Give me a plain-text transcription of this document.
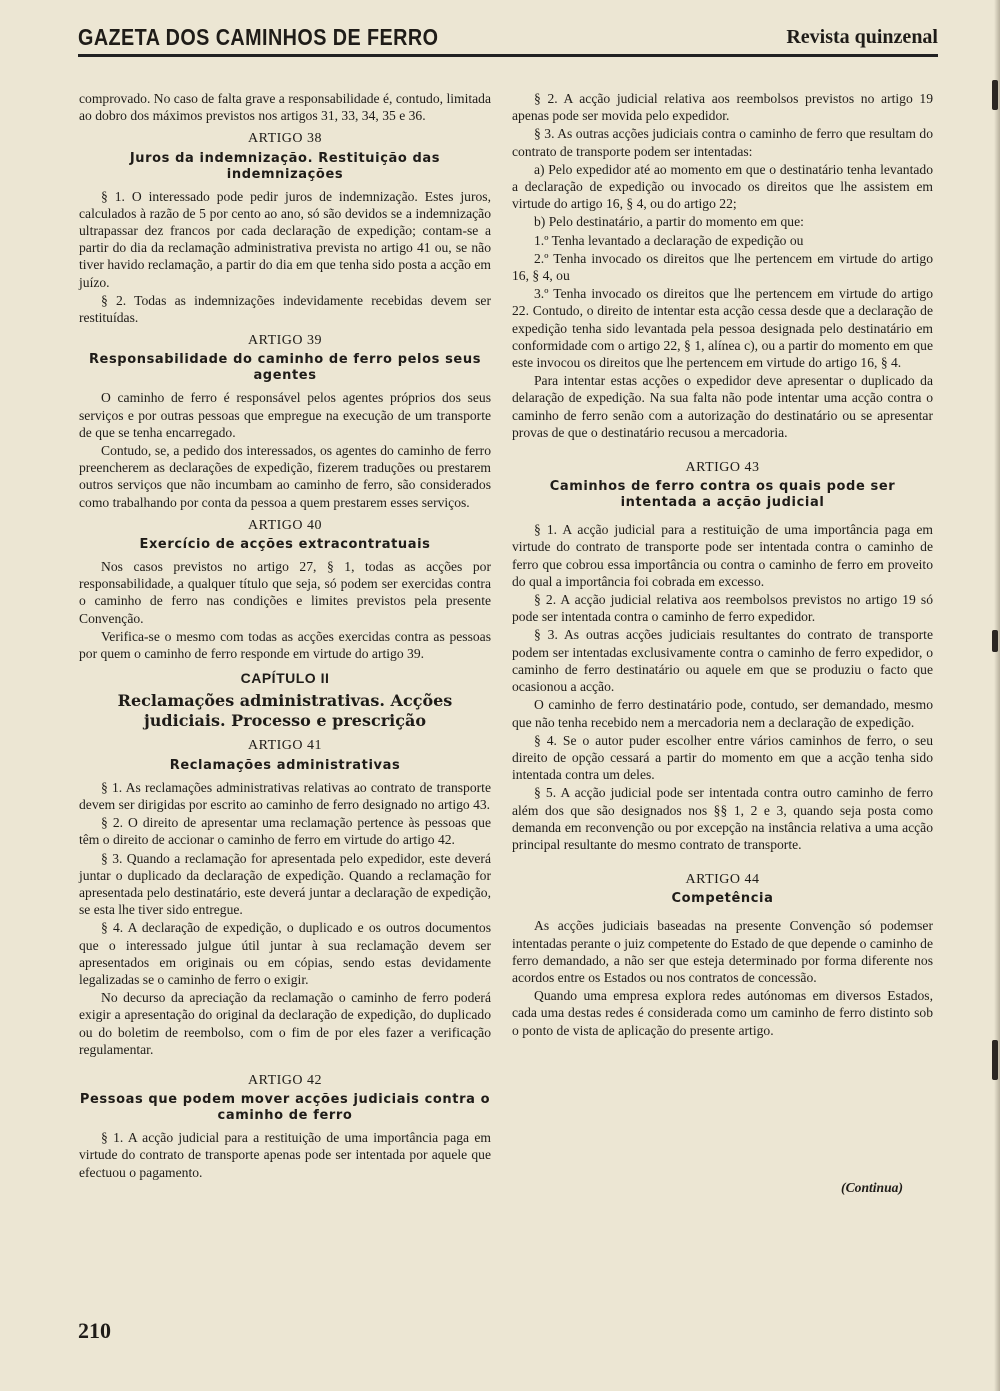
GAZETA DOS CAMINHOS DE FERRO	Revista quinzenal

comprovado. No caso de falta grave a responsabilidade é, contudo, limitada ao dobro dos máximos previstos nos artigos 31, 33, 34, 35 e 36.

ARTIGO 38
Juros da indemnização. Restituição das indemnizações

§ 1. O interessado pode pedir juros de indemnização. Estes juros, calculados à razão de 5 por cento ao ano, só são devidos se a indemnização ultrapassar dez francos por cada declaração de expedição; contam-se a partir do dia da reclamação administrativa prevista no artigo 41 ou, se não tiver havido reclamação, a partir do dia em que tenha sido posta a acção em juízo.

§ 2. Todas as indemnizações indevidamente recebidas devem ser restituídas.

ARTIGO 39
Responsabilidade do caminho de ferro pelos seus agentes

O caminho de ferro é responsável pelos agentes próprios dos seus serviços e por outras pessoas que empregue na execução de um transporte de que se tenha encarregado.

Contudo, se, a pedido dos interessados, os agentes do caminho de ferro preencherem as declarações de expedição, fizerem traduções ou prestarem outros serviços que não incumbam ao caminho de ferro, são considerados como trabalhando por conta da pessoa a quem prestarem esses serviços.

ARTIGO 40
Exercício de acções extracontratuais

Nos casos previstos no artigo 27, § 1, todas as acções por responsabilidade, a qualquer título que seja, só podem ser exercidas contra o caminho de ferro nas condições e limites previstos pela presente Convenção.

Verifica-se o mesmo com todas as acções exercidas contra as pessoas por quem o caminho de ferro responde em virtude do artigo 39.

CAPÍTULO II
Reclamações administrativas. Acções judiciais. Processo e prescrição
ARTIGO 41
Reclamações administrativas

§ 1. As reclamações administrativas relativas ao contrato de transporte devem ser dirigidas por escrito ao caminho de ferro designado no artigo 43.

§ 2. O direito de apresentar uma reclamação pertence às pessoas que têm o direito de accionar o caminho de ferro em virtude do artigo 42.

§ 3. Quando a reclamação for apresentada pelo expedidor, este deverá juntar o duplicado da declaração de expedição. Quando a reclamação for apresentada pelo destinatário, este deverá juntar a declaração de expedição, se esta lhe tiver sido entregue.

§ 4. A declaração de expedição, o duplicado e os outros documentos que o interessado julgue útil juntar à sua reclamação devem ser apresentados em originais ou em cópias, sendo estas devidamente legalizadas se o caminho de ferro o exigir.

No decurso da apreciação da reclamação o caminho de ferro poderá exigir a apresentação do original da declaração de expedição, do duplicado ou do boletim de reembolso, com o fim de por eles fazer a verificação regulamentar.

ARTIGO 42
Pessoas que podem mover acções judiciais contra o caminho de ferro

§ 1. A acção judicial para a restituição de uma importância paga em virtude do contrato de transporte apenas pode ser intentada por aquele que efectuou o pagamento.

§ 2. A acção judicial relativa aos reembolsos previstos no artigo 19 apenas pode ser movida pelo expedidor.

§ 3. As outras acções judiciais contra o caminho de ferro que resultam do contrato de transporte podem ser intentadas:

a) Pelo expedidor até ao momento em que o destinatário tenha levantado a declaração de expedição ou invocado os direitos que lhe assistem em virtude do artigo 16, § 4, ou do artigo 22;

b) Pelo destinatário, a partir do momento em que:

1.º Tenha levantado a declaração de expedição ou

2.º Tenha invocado os direitos que lhe pertencem em virtude do artigo 16, § 4, ou

3.º Tenha invocado os direitos que lhe pertencem em virtude do artigo 22. Contudo, o direito de intentar esta acção cessa desde que a declaração de expedição tenha sido levantada pela pessoa designada pelo destinatário em conformidade com o artigo 22, § 1, alínea c), ou a partir do momento em que este invocou os direitos que lhe pertencem em virtude do artigo 16, § 4.

Para intentar estas acções o expedidor deve apresentar o duplicado da delaração de expedição. Na sua falta não pode intentar uma acção contra o caminho de ferro senão com a autorização do destinatário ou se apresentar provas de que o destinatário recusou a mercadoria.

ARTIGO 43
Caminhos de ferro contra os quais pode ser intentada a acção judicial

§ 1. A acção judicial para a restituição de uma importância paga em virtude do contrato de transporte pode ser intentada contra o caminho de ferro que cobrou essa importância ou contra o caminho de ferro em proveito do qual a importância foi cobrada em excesso.

§ 2. A acção judicial relativa aos reembolsos previstos no artigo 19 só pode ser intentada contra o caminho de ferro expedidor.

§ 3. As outras acções judiciais resultantes do contrato de transporte podem ser intentadas exclusivamente contra o caminho de ferro expedidor, o caminho de ferro destinatário ou aquele em que se produziu o facto que ocasionou a acção.

O caminho de ferro destinatário pode, contudo, ser demandado, mesmo que não tenha recebido nem a mercadoria nem a declaração de expedição.

§ 4. Se o autor puder escolher entre vários caminhos de ferro, o seu direito de opção cessará a partir do momento em que a acção tenha sido intentada contra um deles.

§ 5. A acção judicial pode ser intentada contra outro caminho de ferro além dos que são designados nos §§ 1, 2 e 3, quando seja posta como demanda em reconvenção ou por excepção na instância relativa a uma acção principal resultante do mesmo contrato de transporte.

ARTIGO 44
Competência

As acções judiciais baseadas na presente Convenção só podemser intentadas perante o juiz competente do Estado de que depende o caminho de ferro demandado, a não ser que esteja determinado por forma diferente nos acordos entre os Estados ou nos contratos de concessão.

Quando uma empresa explora redes autónomas em diversos Estados, cada uma destas redes é considerada como um caminho de ferro distinto sob o ponto de vista de aplicação do presente artigo.

(Continua)
210
